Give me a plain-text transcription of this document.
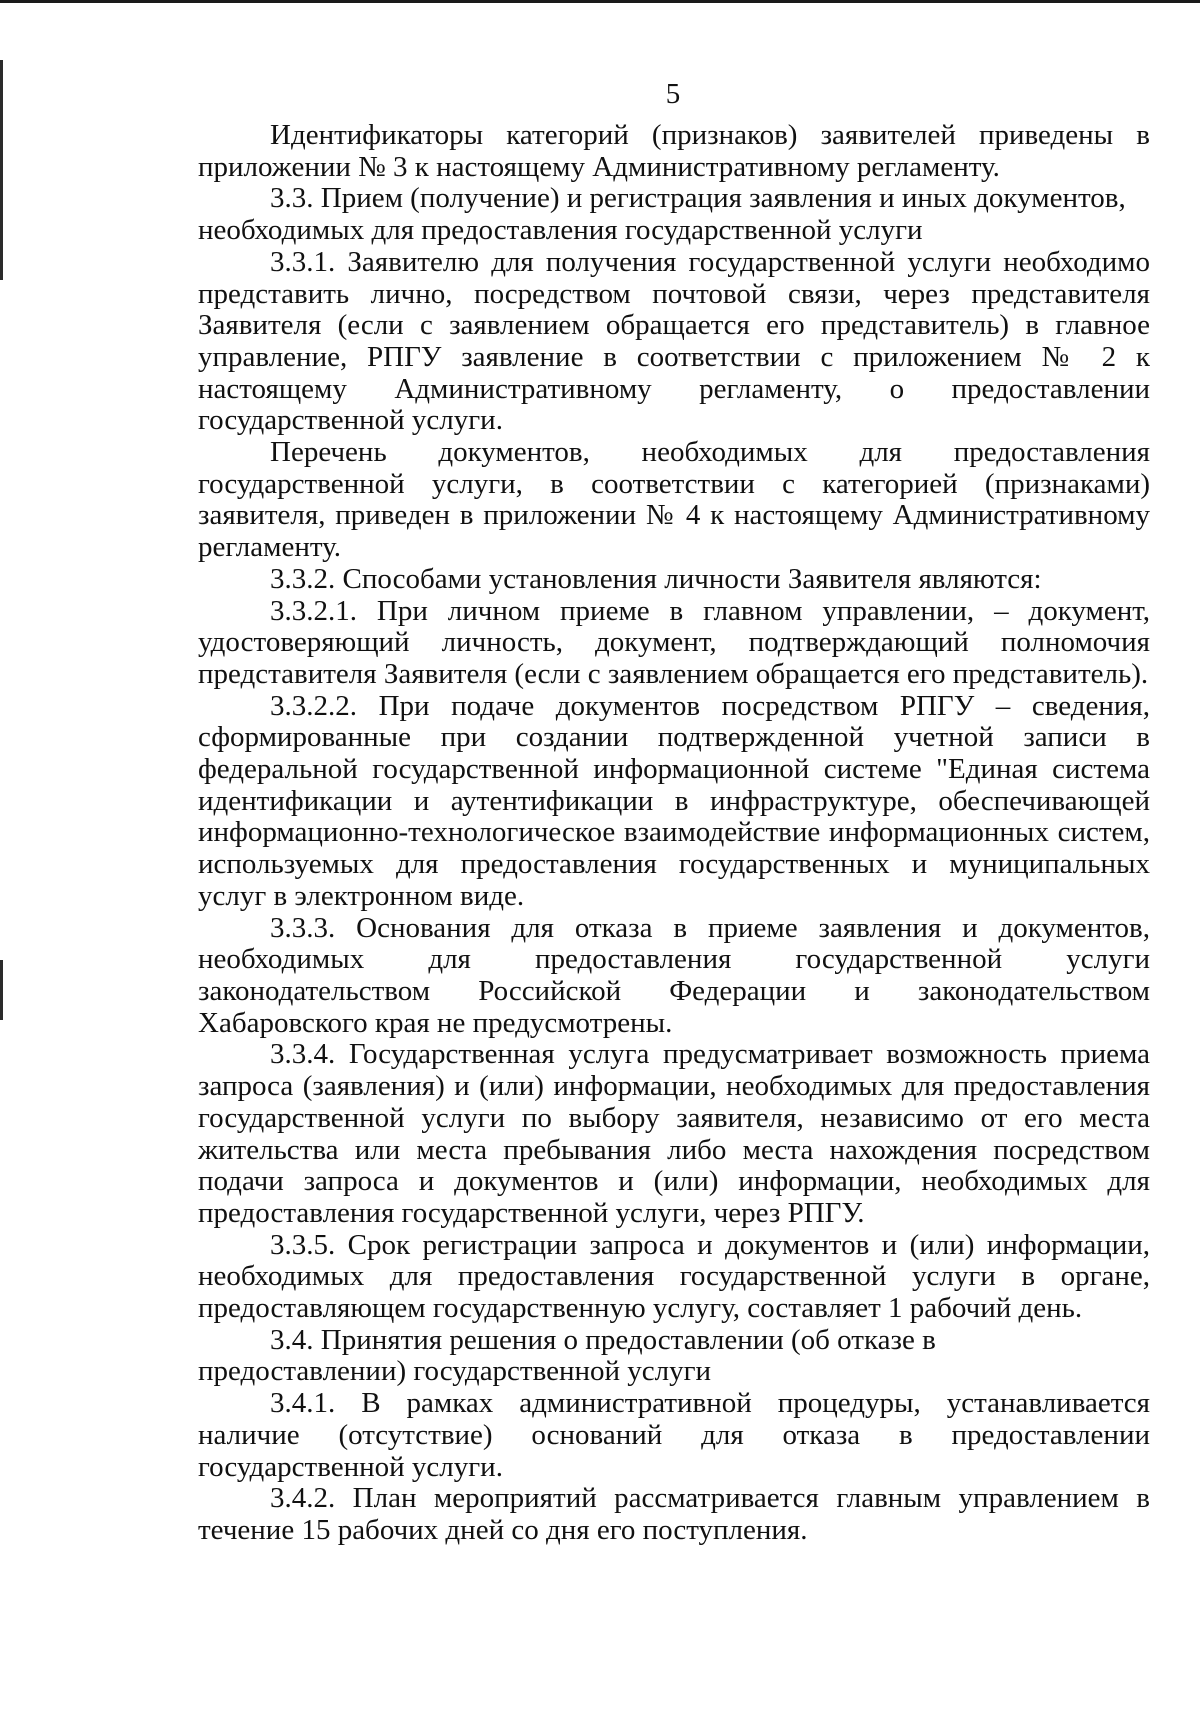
5

Идентификаторы категорий (признаков) заявителей приведены в приложении № 3 к настоящему Административному регламенту.

3.3. Прием (получение) и регистрация заявления и иных документов, необходимых для предоставления государственной услуги

3.3.1. Заявителю для получения государственной услуги необходимо представить лично, посредством почтовой связи, через представителя Заявителя (если с заявлением обращается его представитель) в главное управление, РПГУ заявление в соответствии с приложением № 2 к настоящему Административному регламенту, о предоставлении государственной услуги.

Перечень документов, необходимых для предоставления государственной услуги, в соответствии с категорией (признаками) заявителя, приведен в приложении № 4 к настоящему Административному регламенту.

3.3.2. Способами установления личности Заявителя являются:

3.3.2.1. При личном приеме в главном управлении, – документ, удостоверяющий личность, документ, подтверждающий полномочия представителя Заявителя (если с заявлением обращается его представитель).

3.3.2.2. При подаче документов посредством РПГУ – сведения, сформированные при создании подтвержденной учетной записи в федеральной государственной информационной системе "Единая система идентификации и аутентификации в инфраструктуре, обеспечивающей информационно-технологическое взаимодействие информационных систем, используемых для предоставления государственных и муниципальных услуг в электронном виде.

3.3.3. Основания для отказа в приеме заявления и документов, необходимых для предоставления государственной услуги законодательством Российской Федерации и законодательством Хабаровского края не предусмотрены.

3.3.4. Государственная услуга предусматривает возможность приема запроса (заявления) и (или) информации, необходимых для предоставления государственной услуги по выбору заявителя, независимо от его места жительства или места пребывания либо места нахождения посредством подачи запроса и документов и (или) информации, необходимых для предоставления государственной услуги, через РПГУ.

3.3.5. Срок регистрации запроса и документов и (или) информации, необходимых для предоставления государственной услуги в органе, предоставляющем государственную услугу, составляет 1 рабочий день.

3.4. Принятия решения о предоставлении (об отказе в предоставлении) государственной услуги

3.4.1. В рамках административной процедуры, устанавливается наличие (отсутствие) оснований для отказа в предоставлении государственной услуги.

3.4.2. План мероприятий рассматривается главным управлением в течение 15 рабочих дней со дня его поступления.
